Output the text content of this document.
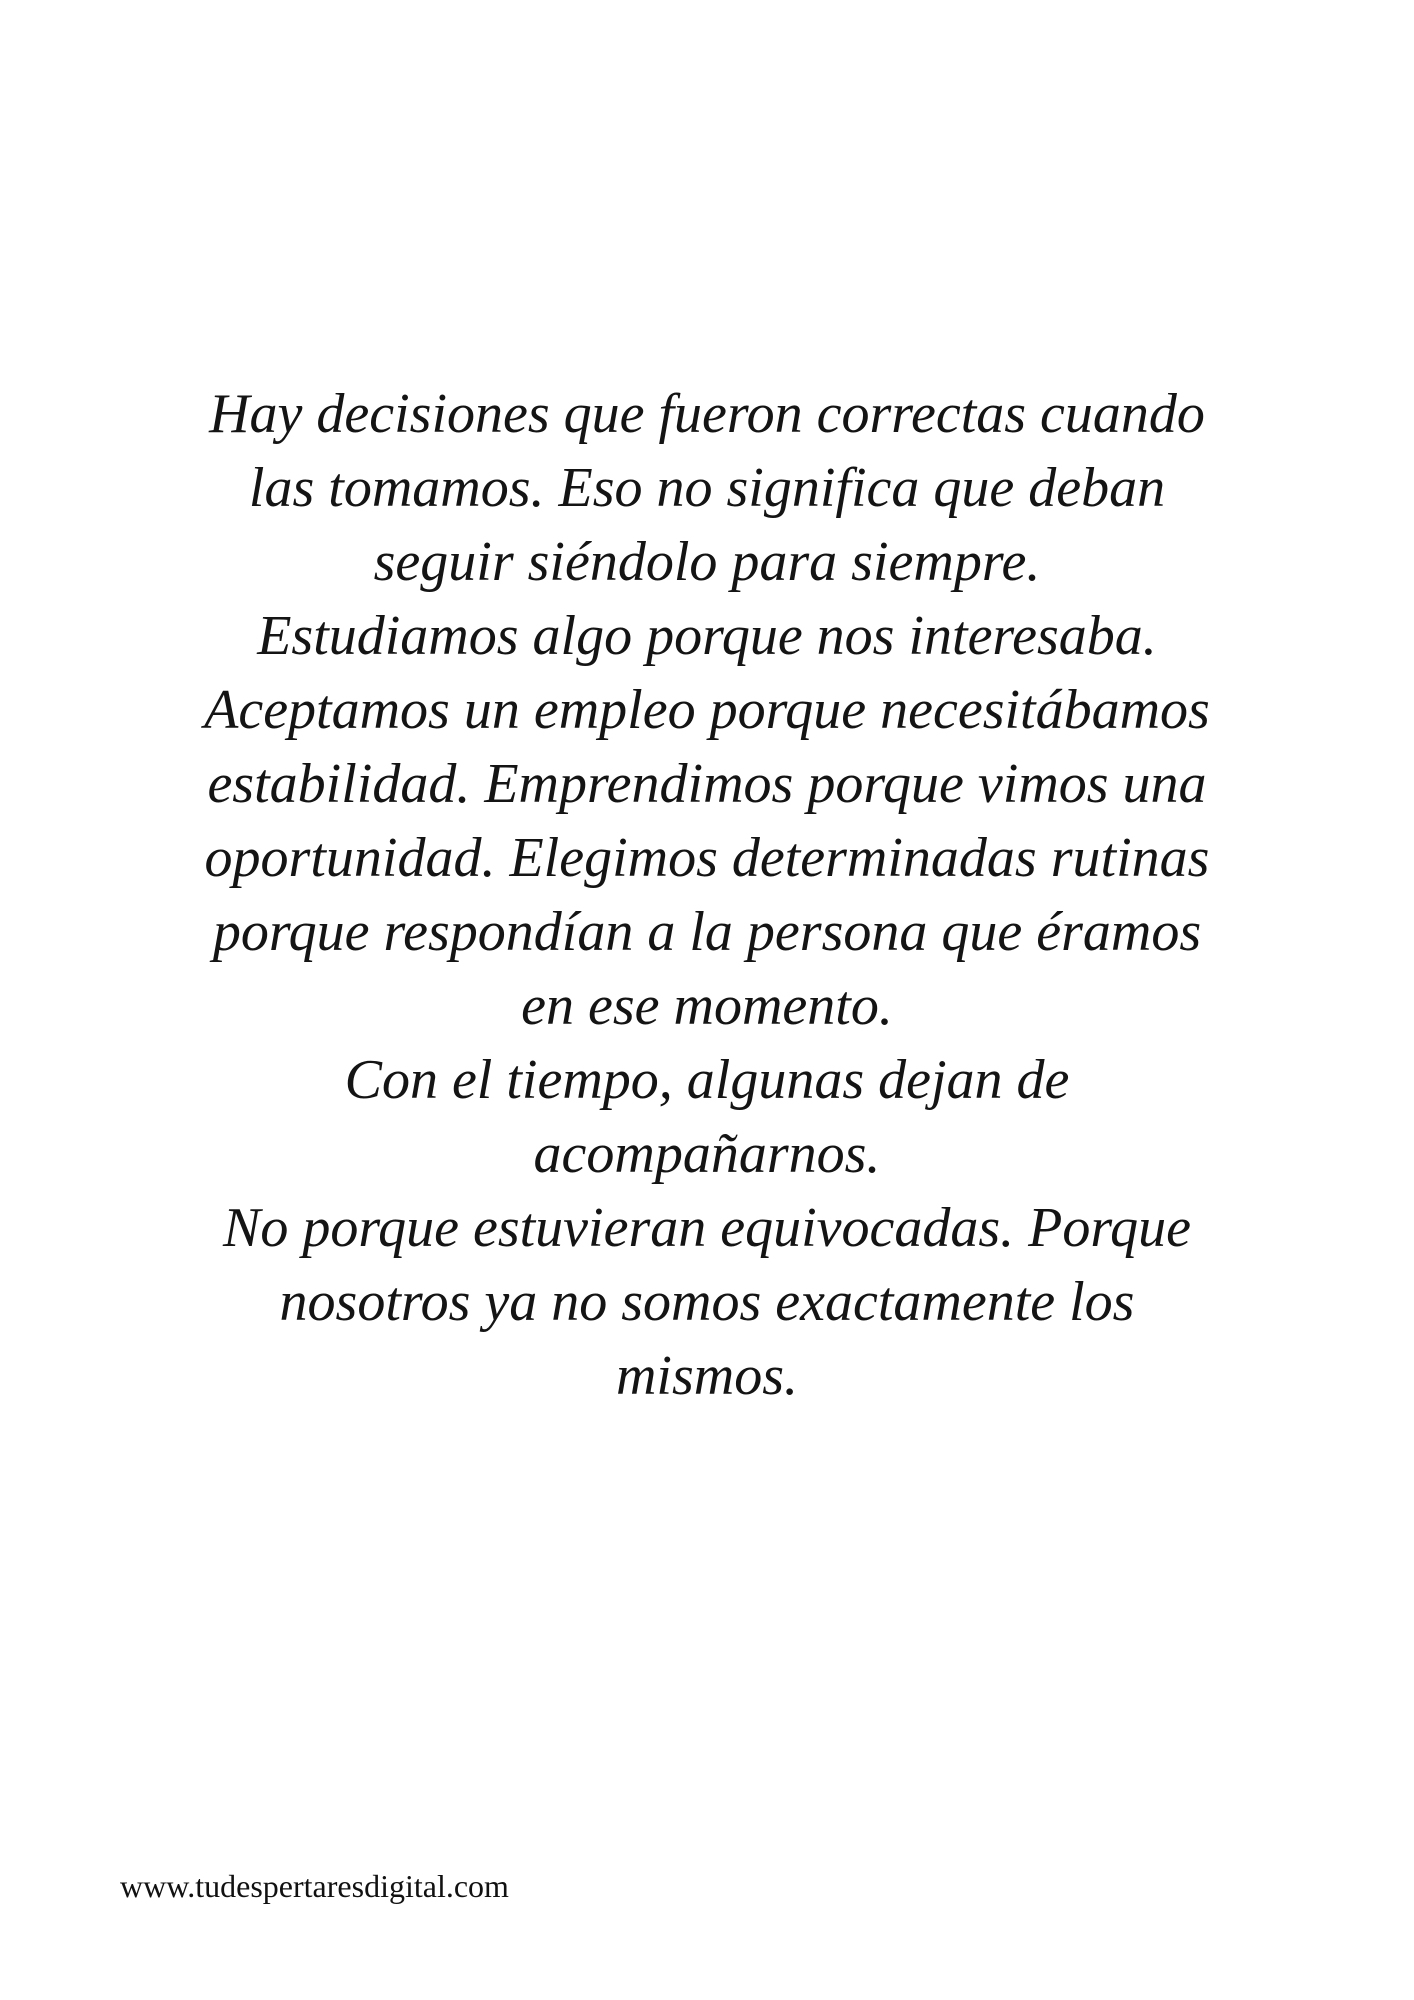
Hay decisiones que fueron correctas cuando
las tomamos. Eso no significa que deban
seguir siéndolo para siempre.
Estudiamos algo porque nos interesaba.
Aceptamos un empleo porque necesitábamos
estabilidad. Emprendimos porque vimos una
oportunidad. Elegimos determinadas rutinas
porque respondían a la persona que éramos
en ese momento.
Con el tiempo, algunas dejan de
acompañarnos.
No porque estuvieran equivocadas. Porque
nosotros ya no somos exactamente los
mismos.
www.tudespertaresdigital.com
